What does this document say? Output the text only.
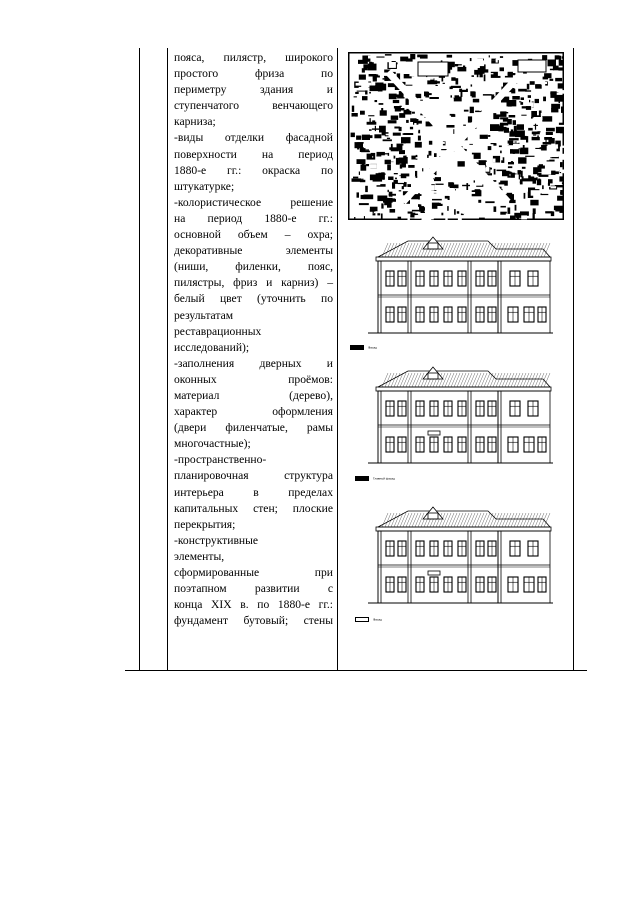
пояса, пилястр, широкого
простого фриза по
периметру здания и
ступенчатого венчающего
карниза;
-виды отделки фасадной
поверхности на период
1880-е гг.: окраска по
штукатурке;
-колористическое решение
на период 1880-е гг.:
основной объем – охра;
декоративные элементы
(ниши, филенки, пояс,
пилястры, фриз и карниз) –
белый цвет (уточнить по
результатам
реставрационных
исследований);
-заполнения дверных и
оконных проёмов:
материал (дерево),
характер оформления
(двери филенчатые, рамы
многочастные);
-пространственно-
планировочная структура
интерьера в пределах
капитальных стен; плоские
перекрытия;
-конструктивные
элементы,
сформированные при
поэтапном развитии с
конца XIX в. по 1880-е гг.:
фундамент бутовый; стены
Фасад
Главный фасад
Фасад
